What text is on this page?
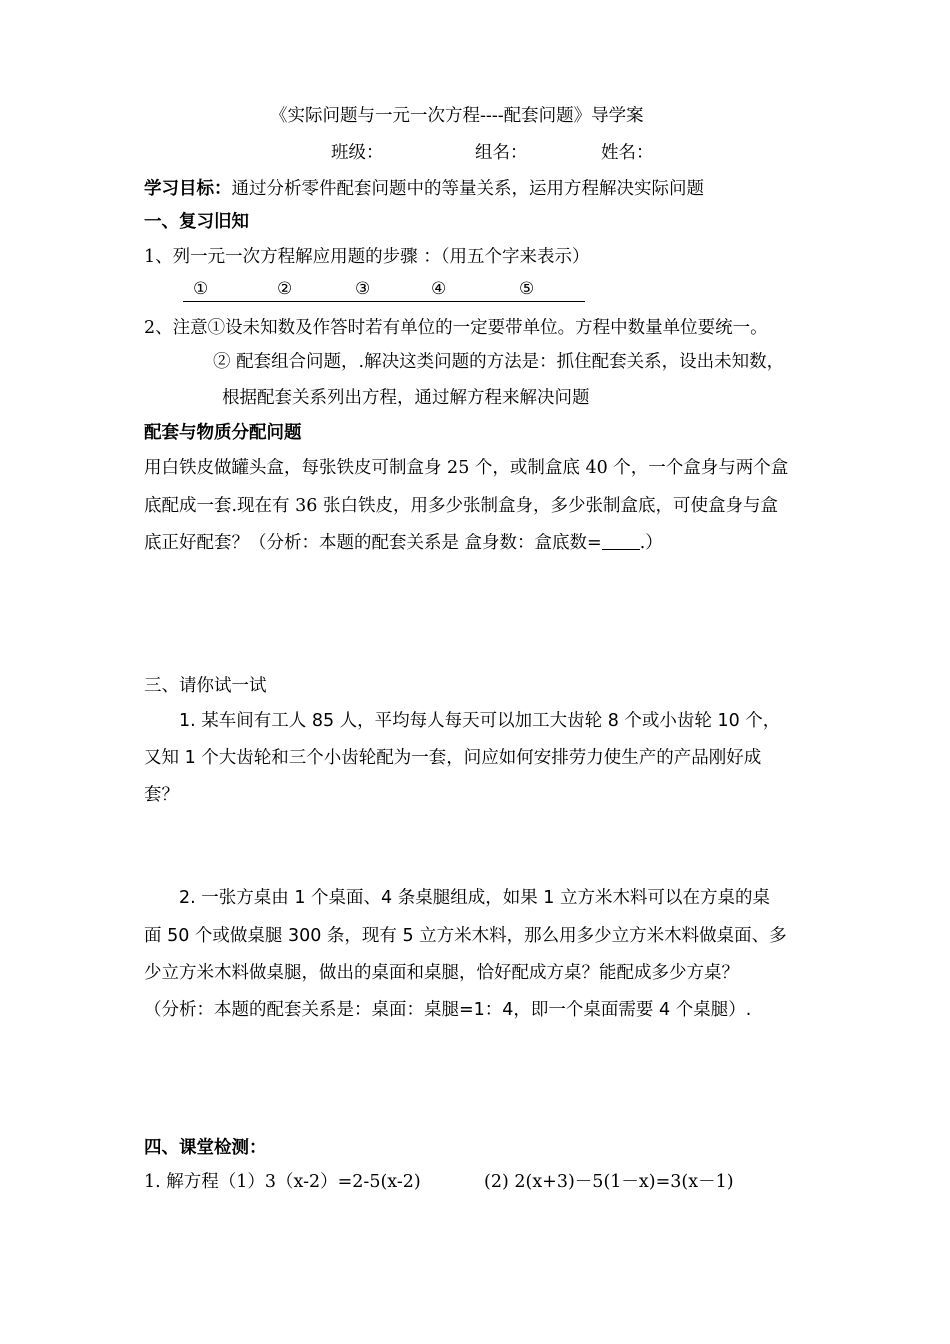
《实际问题与一元一次方程----配套问题》导学案
班级：	组名：	姓名：
学习目标：通过分析零件配套问题中的等量关系，运用方程解决实际问题
一、复习旧知
1、列一元一次方程解应用题的步骤 ：（用五个字来表示）
①	②	③	④	⑤
2、注意①设未知数及作答时若有单位的一定要带单位。方程中数量单位要统一。
② 配套组合问题，.解决这类问题的方法是：抓住配套关系，设出未知数，
根据配套关系列出方程，通过解方程来解决问题
配套与物质分配问题
用白铁皮做罐头盒，每张铁皮可制盒身 25 个，或制盒底 40 个，一个盒身与两个盒
底配成一套.现在有 36 张白铁皮，用多少张制盒身，多少张制盒底，可使盒身与盒
底正好配套？（分析：本题的配套关系是 盒身数：盒底数= .）
三、请你试一试
1. 某车间有工人 85 人，平均每人每天可以加工大齿轮 8 个或小齿轮 10 个，
又知 1 个大齿轮和三个小齿轮配为一套，问应如何安排劳力使生产的产品刚好成
套？
2. 一张方桌由 1 个桌面、4 条桌腿组成，如果 1 立方米木料可以在方桌的桌
面 50 个或做桌腿 300 条，现有 5 立方米木料，那么用多少立方米木料做桌面、多
少立方米木料做桌腿，做出的桌面和桌腿，恰好配成方桌？能配成多少方桌？
（分析：本题的配套关系是：桌面：桌腿=1：4，即一个桌面需要 4 个桌腿）.
四、课堂检测：
1. 解方程（1）3（x-2）=2-5(x-2)	(2) 2(x+3)－5(1－x)=3(x－1)
